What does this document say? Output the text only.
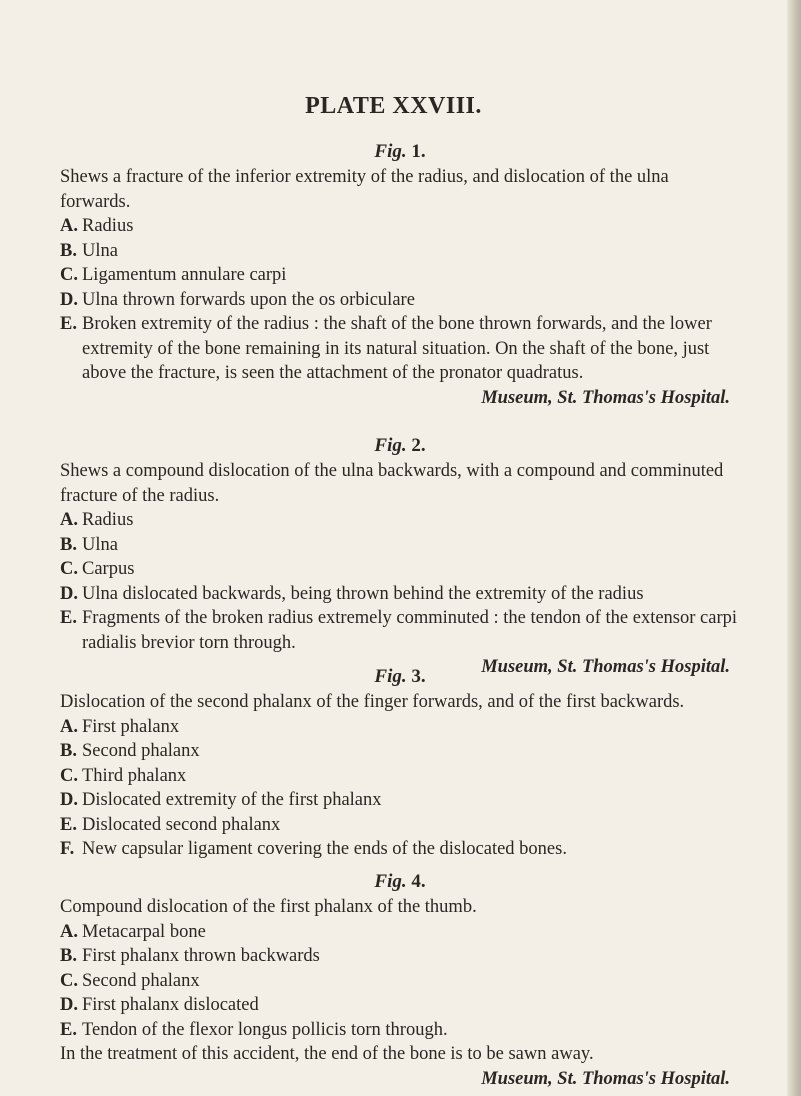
PLATE XXVIII.

Fig. 1.

Shews a fracture of the inferior extremity of the radius, and dislocation of the ulna forwards.

A. Radius
B. Ulna
C. Ligamentum annulare carpi
D. Ulna thrown forwards upon the os orbiculare
E. Broken extremity of the radius : the shaft of the bone thrown forwards, and the lower extremity of the bone remaining in its natural situation. On the shaft of the bone, just above the fracture, is seen the attachment of the pronator quadratus.

Museum, St. Thomas's Hospital.

Fig. 2.

Shews a compound dislocation of the ulna backwards, with a compound and comminuted fracture of the radius.

A. Radius
B. Ulna
C. Carpus
D. Ulna dislocated backwards, being thrown behind the extremity of the radius
E. Fragments of the broken radius extremely comminuted : the tendon of the extensor carpi radialis brevior torn through.

Museum, St. Thomas's Hospital.

Fig. 3.

Dislocation of the second phalanx of the finger forwards, and of the first backwards.

A. First phalanx
B. Second phalanx
C. Third phalanx
D. Dislocated extremity of the first phalanx
E. Dislocated second phalanx
F. New capsular ligament covering the ends of the dislocated bones.

Fig. 4.

Compound dislocation of the first phalanx of the thumb.

A. Metacarpal bone
B. First phalanx thrown backwards
C. Second phalanx
D. First phalanx dislocated
E. Tendon of the flexor longus pollicis torn through.

In the treatment of this accident, the end of the bone is to be sawn away.

Museum, St. Thomas's Hospital.
